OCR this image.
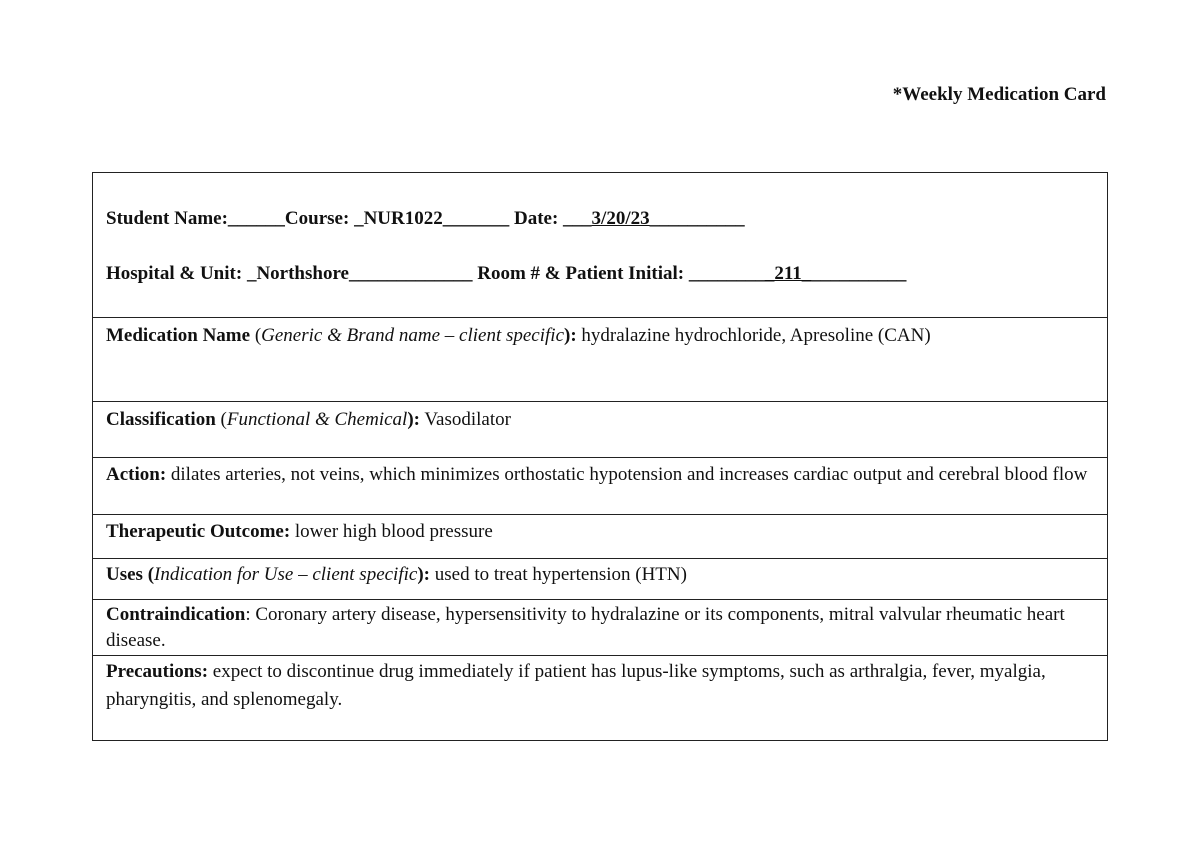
*Weekly Medication Card
Student Name:______Course: _NUR1022_______ Date: ___3/20/23__________
Hospital & Unit: _Northshore_____________ Room # & Patient Initial: _________211___________
Medication Name (Generic & Brand name – client specific): hydralazine hydrochloride, Apresoline (CAN)
Classification (Functional & Chemical): Vasodilator
Action: dilates arteries, not veins, which minimizes orthostatic hypotension and increases cardiac output and cerebral blood flow
Therapeutic Outcome: lower high blood pressure
Uses (Indication for Use – client specific): used to treat hypertension (HTN)
Contraindication: Coronary artery disease, hypersensitivity to hydralazine or its components, mitral valvular rheumatic heart disease.
Precautions: expect to discontinue drug immediately if patient has lupus-like symptoms, such as arthralgia, fever, myalgia, pharyngitis, and splenomegaly.
